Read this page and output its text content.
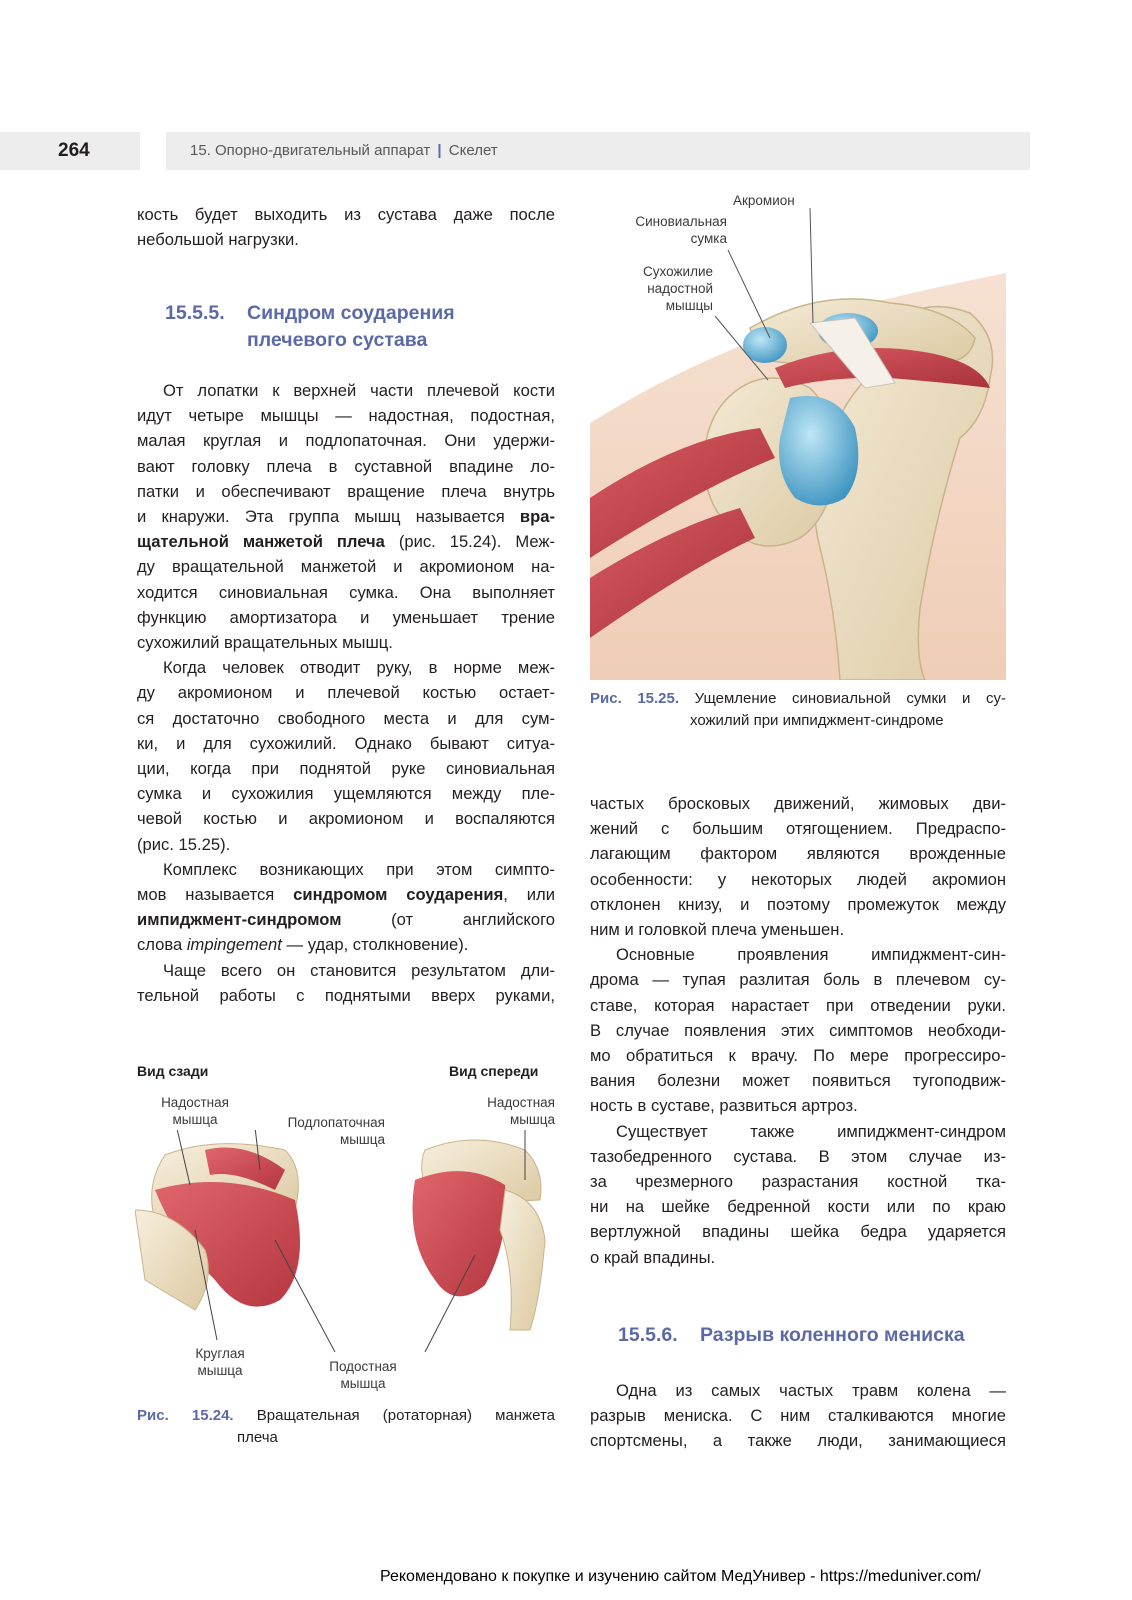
264	15. Опорно-двигательный аппарат | Скелет
кость будет выходить из сустава даже после
небольшой нагрузки.
15.5.5. Синдром соударения
плечевого сустава
От лопатки к верхней части плечевой кости
идут четыре мышцы — надостная, подостная,
малая круглая и подлопаточная. Они удержи-
вают головку плеча в суставной впадине ло-
патки и обеспечивают вращение плеча внутрь
и кнаружи. Эта группа мышц называется вра-
щательной манжетой плеча (рис. 15.24). Меж-
ду вращательной манжетой и акромионом на-
ходится синовиальная сумка. Она выполняет
функцию амортизатора и уменьшает трение
сухожилий вращательных мышц.
Когда человек отводит руку, в норме меж-
ду акромионом и плечевой костью остает-
ся достаточно свободного места и для сум-
ки, и для сухожилий. Однако бывают ситуа-
ции, когда при поднятой руке синовиальная
сумка и сухожилия ущемляются между пле-
чевой костью и акромионом и воспаляются
(рис. 15.25).
Комплекс возникающих при этом симпто-
мов называется синдромом соударения, или
импиджмент-синдромом (от английского
слова impingement — удар, столкновение).
Чаще всего он становится результатом дли-
тельной работы с поднятыми вверх руками,
Акромион
Синовиальная
сумка
Сухожилие
надостной
мышцы
Рис. 15.25. Ущемление синовиальной сумки и су-
хожилий при импиджмент-синдроме
частых бросковых движений, жимовых дви-
жений с большим отягощением. Предраспо-
лагающим фактором являются врожденные
особенности: у некоторых людей акромион
отклонен книзу, и поэтому промежуток между
ним и головкой плеча уменьшен.
Основные проявления импиджмент-син-
дрома — тупая разлитая боль в плечевом су-
ставе, которая нарастает при отведении руки.
В случае появления этих симптомов необходи-
мо обратиться к врачу. По мере прогрессиро-
вания болезни может появиться тугоподвиж-
ность в суставе, развиться артроз.
Существует также импиджмент-синдром
тазобедренного сустава. В этом случае из-
за чрезмерного разрастания костной тка-
ни на шейке бедренной кости или по краю
вертлужной впадины шейка бедра ударяется
о край впадины.
15.5.6. Разрыв коленного мениска
Одна из самых частых травм колена —
разрыв мениска. С ним сталкиваются многие
спортсмены, а также люди, занимающиеся
Вид сзади	Вид спереди
Надостная
мышца	Подлопаточная
мышца
Надостная
мышца
Круглая
мышца	Подостная
мышца
Рис. 15.24. Вращательная (ротаторная) манжета
плеча
Рекомендовано к покупке и изучению сайтом МедУнивер - https://meduniver.com/
